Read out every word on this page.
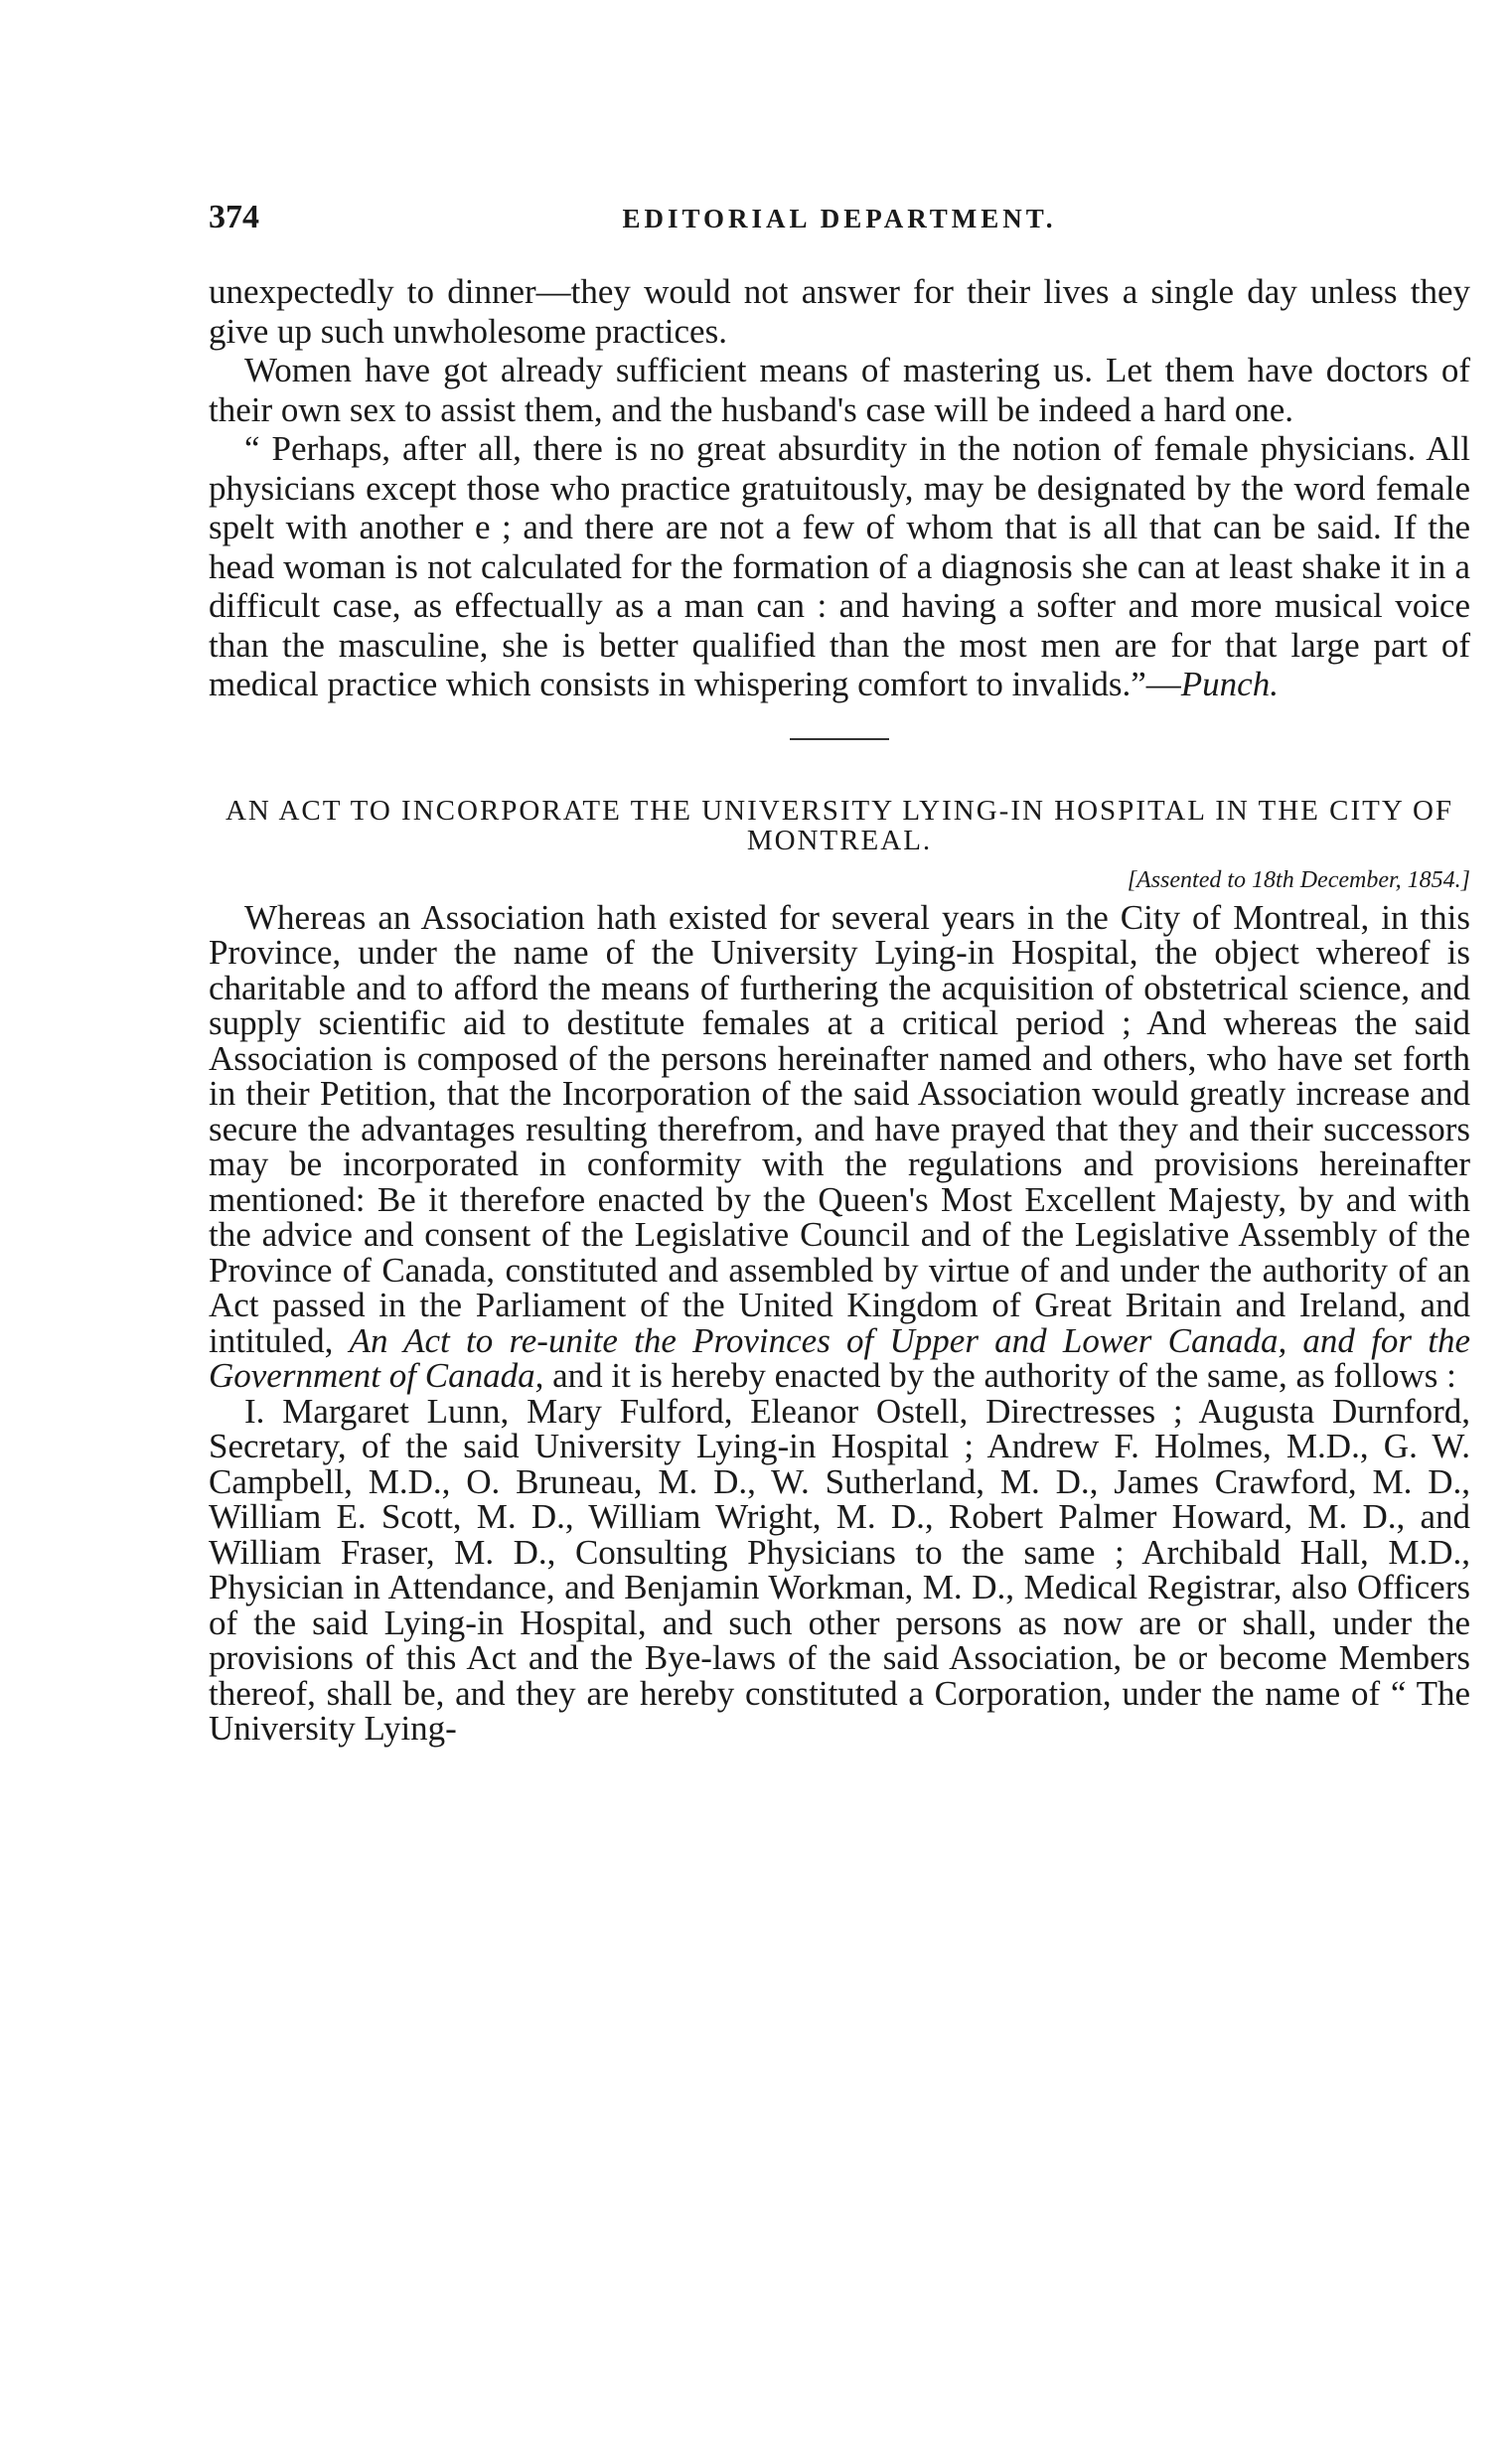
374	EDITORIAL DEPARTMENT.

unexpectedly to dinner—they would not answer for their lives a single day unless they give up such unwholesome practices.

Women have got already sufficient means of mastering us. Let them have doctors of their own sex to assist them, and the husband's case will be indeed a hard one.

“ Perhaps, after all, there is no great absurdity in the notion of female physicians. All physicians except those who practice gratuitously, may be designated by the word female spelt with another e ; and there are not a few of whom that is all that can be said. If the head woman is not calculated for the formation of a diagnosis she can at least shake it in a difficult case, as effectually as a man can : and having a softer and more musical voice than the masculine, she is better qualified than the most men are for that large part of medical practice which consists in whispering comfort to invalids.”—Punch.

AN ACT TO INCORPORATE THE UNIVERSITY LYING-IN HOSPITAL IN THE CITY OF MONTREAL.

[Assented to 18th December, 1854.]

Whereas an Association hath existed for several years in the City of Montreal, in this Province, under the name of the University Lying-in Hospital, the object whereof is charitable and to afford the means of furthering the acquisition of obstetrical science, and supply scientific aid to destitute females at a critical period ; And whereas the said Association is composed of the persons hereinafter named and others, who have set forth in their Petition, that the Incorporation of the said Association would greatly increase and secure the advantages resulting therefrom, and have prayed that they and their successors may be incorporated in conformity with the regulations and provisions hereinafter mentioned: Be it therefore enacted by the Queen's Most Excellent Majesty, by and with the advice and consent of the Legislative Council and of the Legislative Assembly of the Province of Canada, constituted and assembled by virtue of and under the authority of an Act passed in the Parliament of the United Kingdom of Great Britain and Ireland, and intituled, An Act to re-unite the Provinces of Upper and Lower Canada, and for the Government of Canada, and it is hereby enacted by the authority of the same, as follows :

I. Margaret Lunn, Mary Fulford, Eleanor Ostell, Directresses ; Augusta Durnford, Secretary, of the said University Lying-in Hospital ; Andrew F. Holmes, M.D., G. W. Campbell, M.D., O. Bruneau, M. D., W. Sutherland, M. D., James Crawford, M. D., William E. Scott, M. D., William Wright, M. D., Robert Palmer Howard, M. D., and William Fraser, M. D., Consulting Physicians to the same ; Archibald Hall, M.D., Physician in Attendance, and Benjamin Workman, M. D., Medical Registrar, also Officers of the said Lying-in Hospital, and such other persons as now are or shall, under the provisions of this Act and the Bye-laws of the said Association, be or become Members thereof, shall be, and they are hereby constituted a Corporation, under the name of “ The University Lying-
